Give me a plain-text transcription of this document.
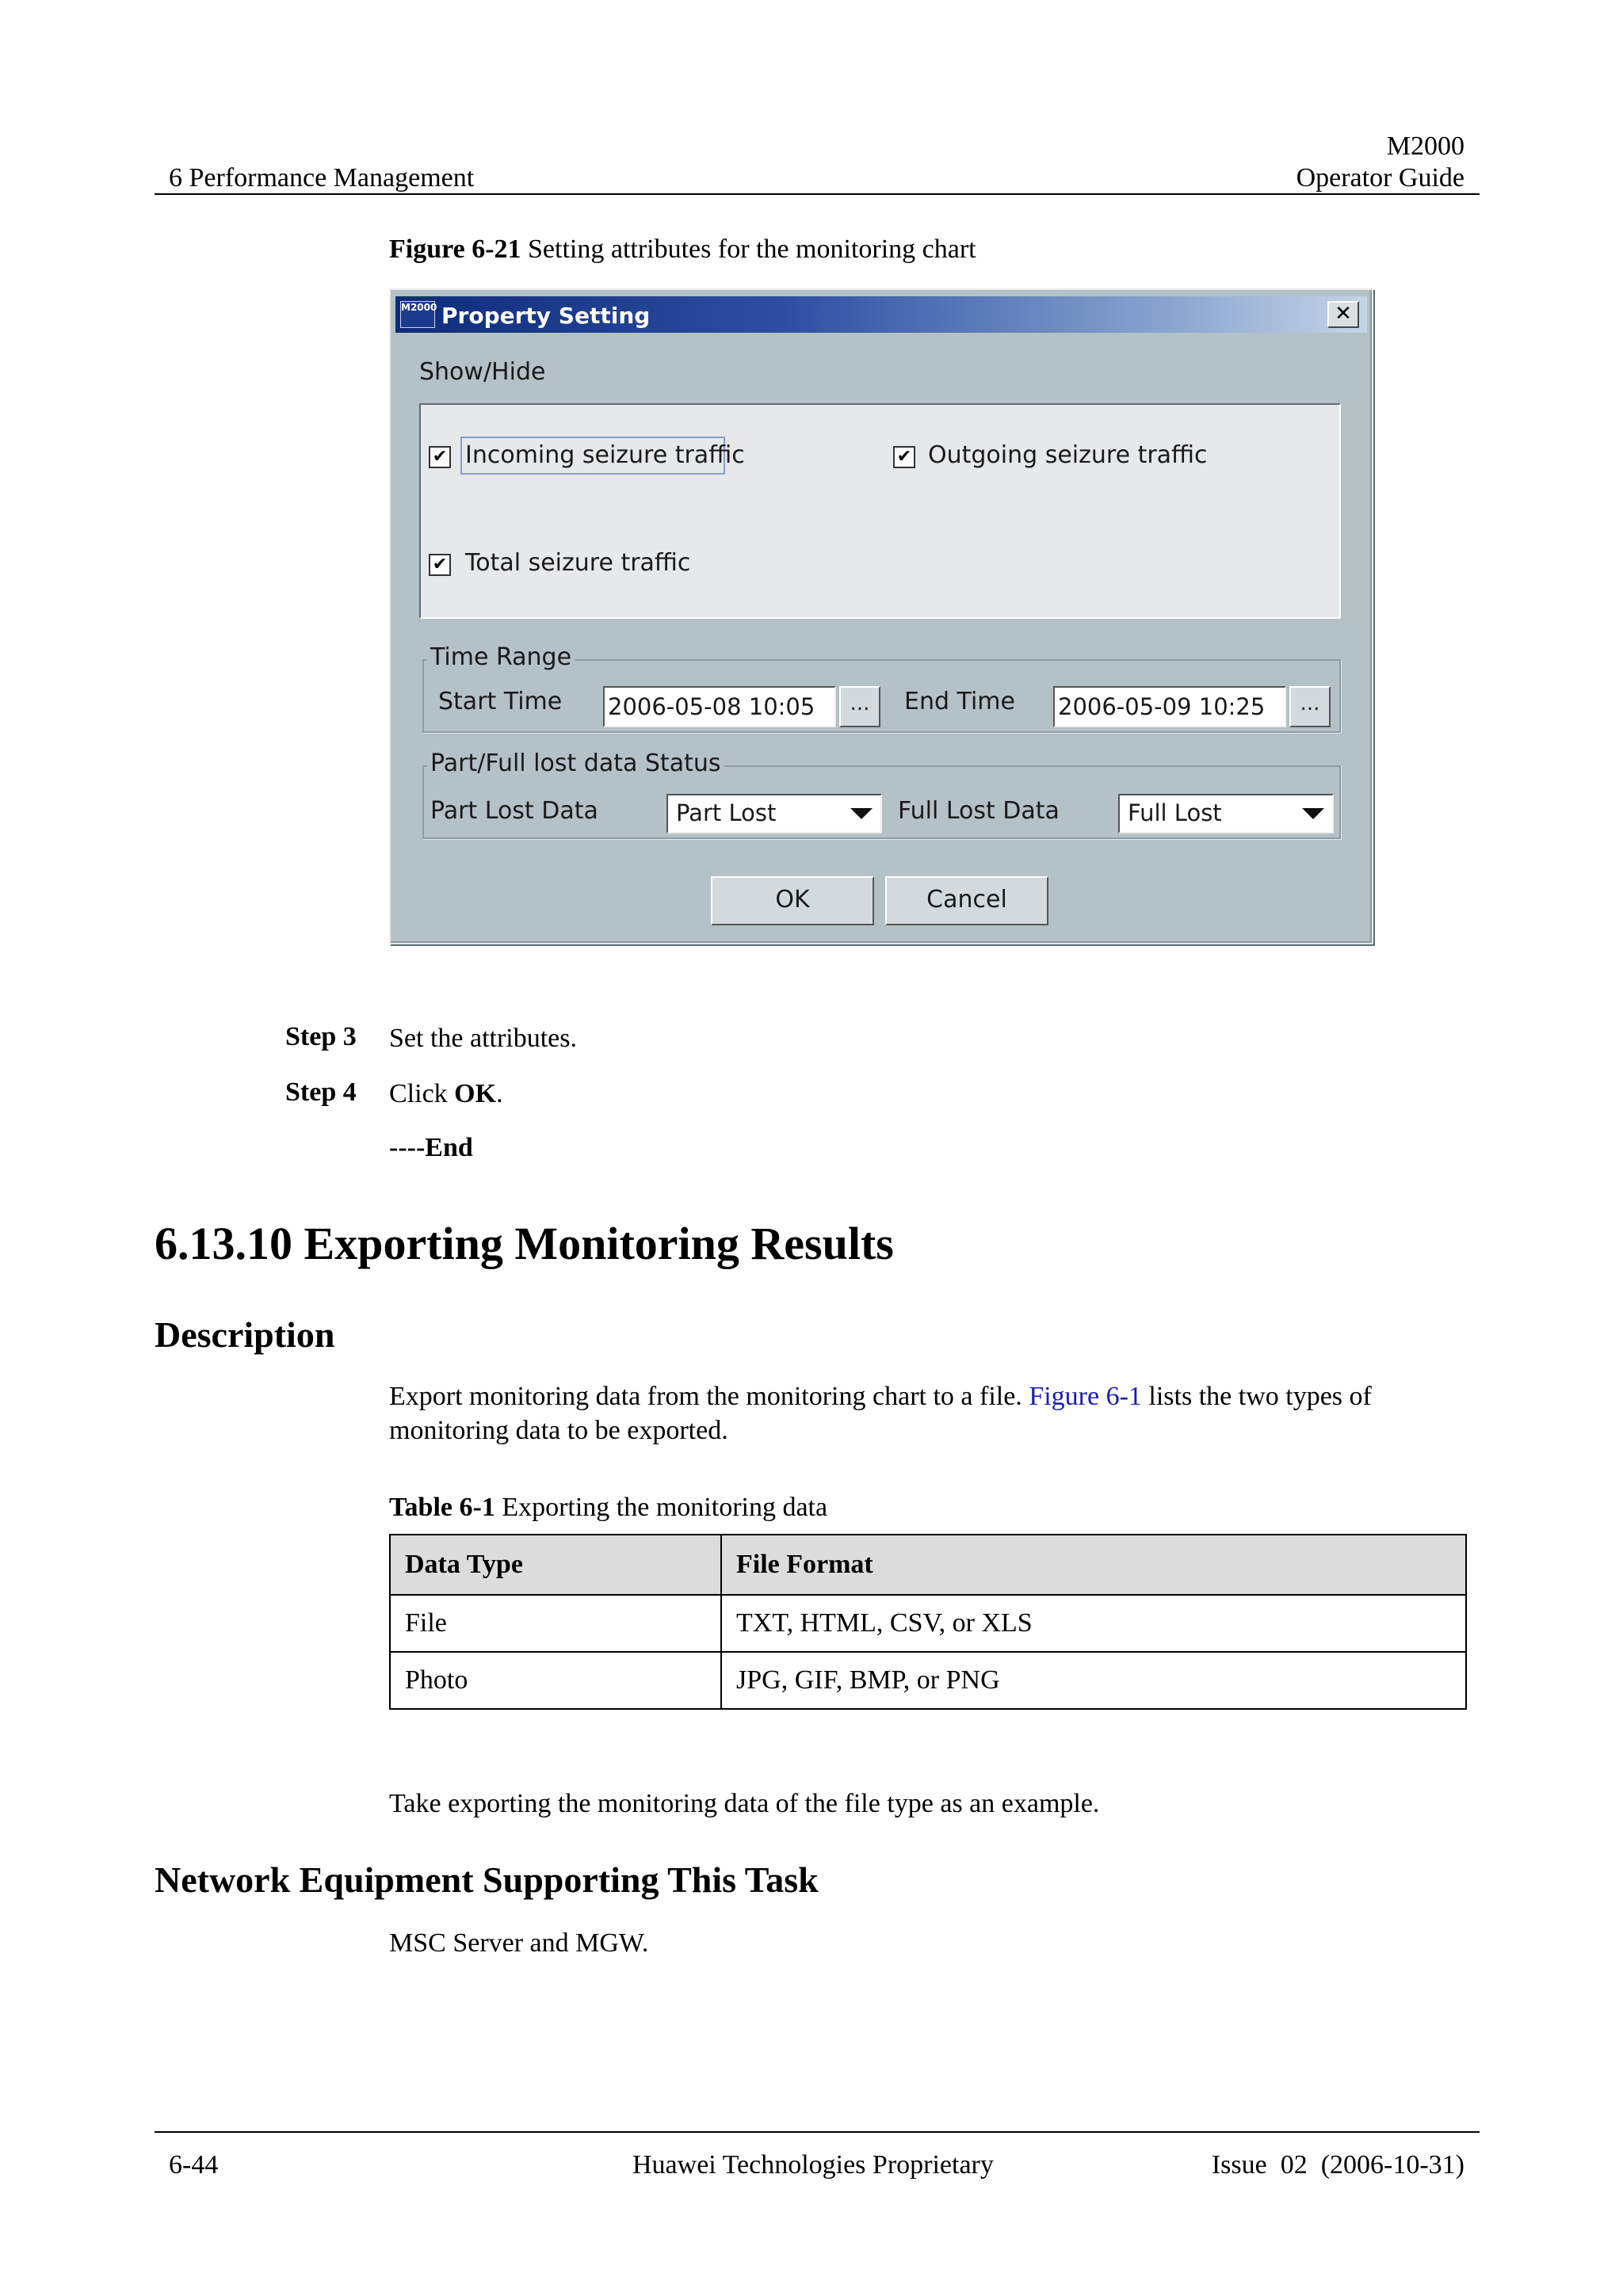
M2000
6 Performance Management	Operator Guide
Figure 6-21 Setting attributes for the monitoring chart
M2000 Property Setting	✕
Show/Hide
✔ Incoming seizure traffic	✔ Outgoing seizure traffic
✔ Total seizure traffic
Time Range
Start Time 2006-05-08 10:05	...	End Time 2006-05-09 10:25	...
Part/Full lost data Status
Part Lost Data	Part Lost	Full Lost Data	Full Lost
OK	Cancel
Step 3 Set the attributes.
Step 4 Click OK.
----End
6.13.10 Exporting Monitoring Results
Description
Export monitoring data from the monitoring chart to a file. Figure 6-1 lists the two types of
monitoring data to be exported.
Table 6-1 Exporting the monitoring data
Data Type	File Format
File	TXT, HTML, CSV, or XLS
Photo	JPG, GIF, BMP, or PNG
Take exporting the monitoring data of the file type as an example.
Network Equipment Supporting This Task
MSC Server and MGW.
6-44	Huawei Technologies Proprietary	Issue  02  (2006-10-31)
